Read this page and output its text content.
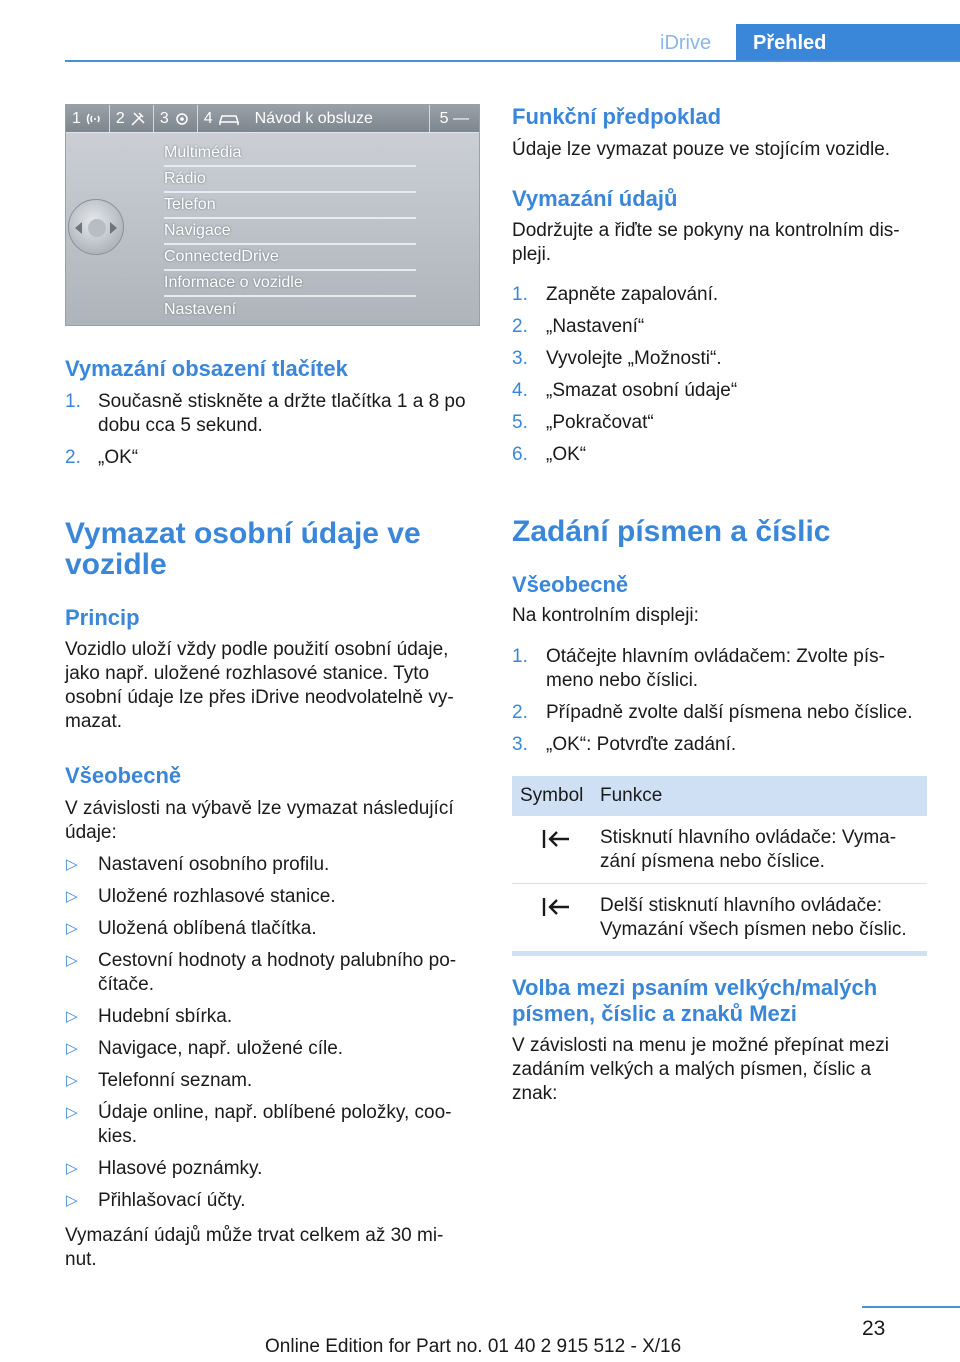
iDrive	Přehled
1 2 3 4	Návod k obsluze	5
—
Multimédia
Rádio
Telefon
Navigace
ConnectedDrive
Informace o vozidle
Nastavení
Vymazání obsazení tlačítek
1. Současně stiskněte a držte tlačítka 1 a 8 po
dobu cca 5 sekund.
2. „OK“
Vymazat osobní údaje ve
vozidle
Princip
Vozidlo uloží vždy podle použití osobní údaje,
jako např. uložené rozhlasové stanice. Tyto
osobní údaje lze přes iDrive neodvolatelně vy-
mazat.
Všeobecně
V závislosti na výbavě lze vymazat následující
údaje:
▷ Nastavení osobního profilu.
▷ Uložené rozhlasové stanice.
▷ Uložená oblíbená tlačítka.
▷ Cestovní hodnoty a hodnoty palubního po-
čítače.
▷ Hudební sbírka.
▷ Navigace, např. uložené cíle.
▷ Telefonní seznam.
▷ Údaje online, např. oblíbené položky, coo-
kies.
▷ Hlasové poznámky.
▷ Přihlašovací účty.
Vymazání údajů může trvat celkem až 30 mi-
nut.
Funkční předpoklad
Údaje lze vymazat pouze ve stojícím vozidle.
Vymazání údajů
Dodržujte a řiďte se pokyny na kontrolním dis-
pleji.
1. Zapněte zapalování.
2. „Nastavení“
3. Vyvolejte „Možnosti“.
4. „Smazat osobní údaje“
5. „Pokračovat“
6. „OK“
Zadání písmen a číslic
Všeobecně
Na kontrolním displeji:
1. Otáčejte hlavním ovládačem: Zvolte pís-
meno nebo číslici.
2. Případně zvolte další písmena nebo číslice.
3. „OK“: Potvrďte zadání.
Symbol Funkce
Stisknutí hlavního ovládače: Vyma-
zání písmena nebo číslice.
Delší stisknutí hlavního ovládače:
Vymazání všech písmen nebo číslic.
Volba mezi psaním velkých/malých
písmen, číslic a znaků Mezi
V závislosti na menu je možné přepínat mezi
zadáním velkých a malých písmen, číslic a
znak:
23
Online Edition for Part no. 01 40 2 915 512 - X/16
